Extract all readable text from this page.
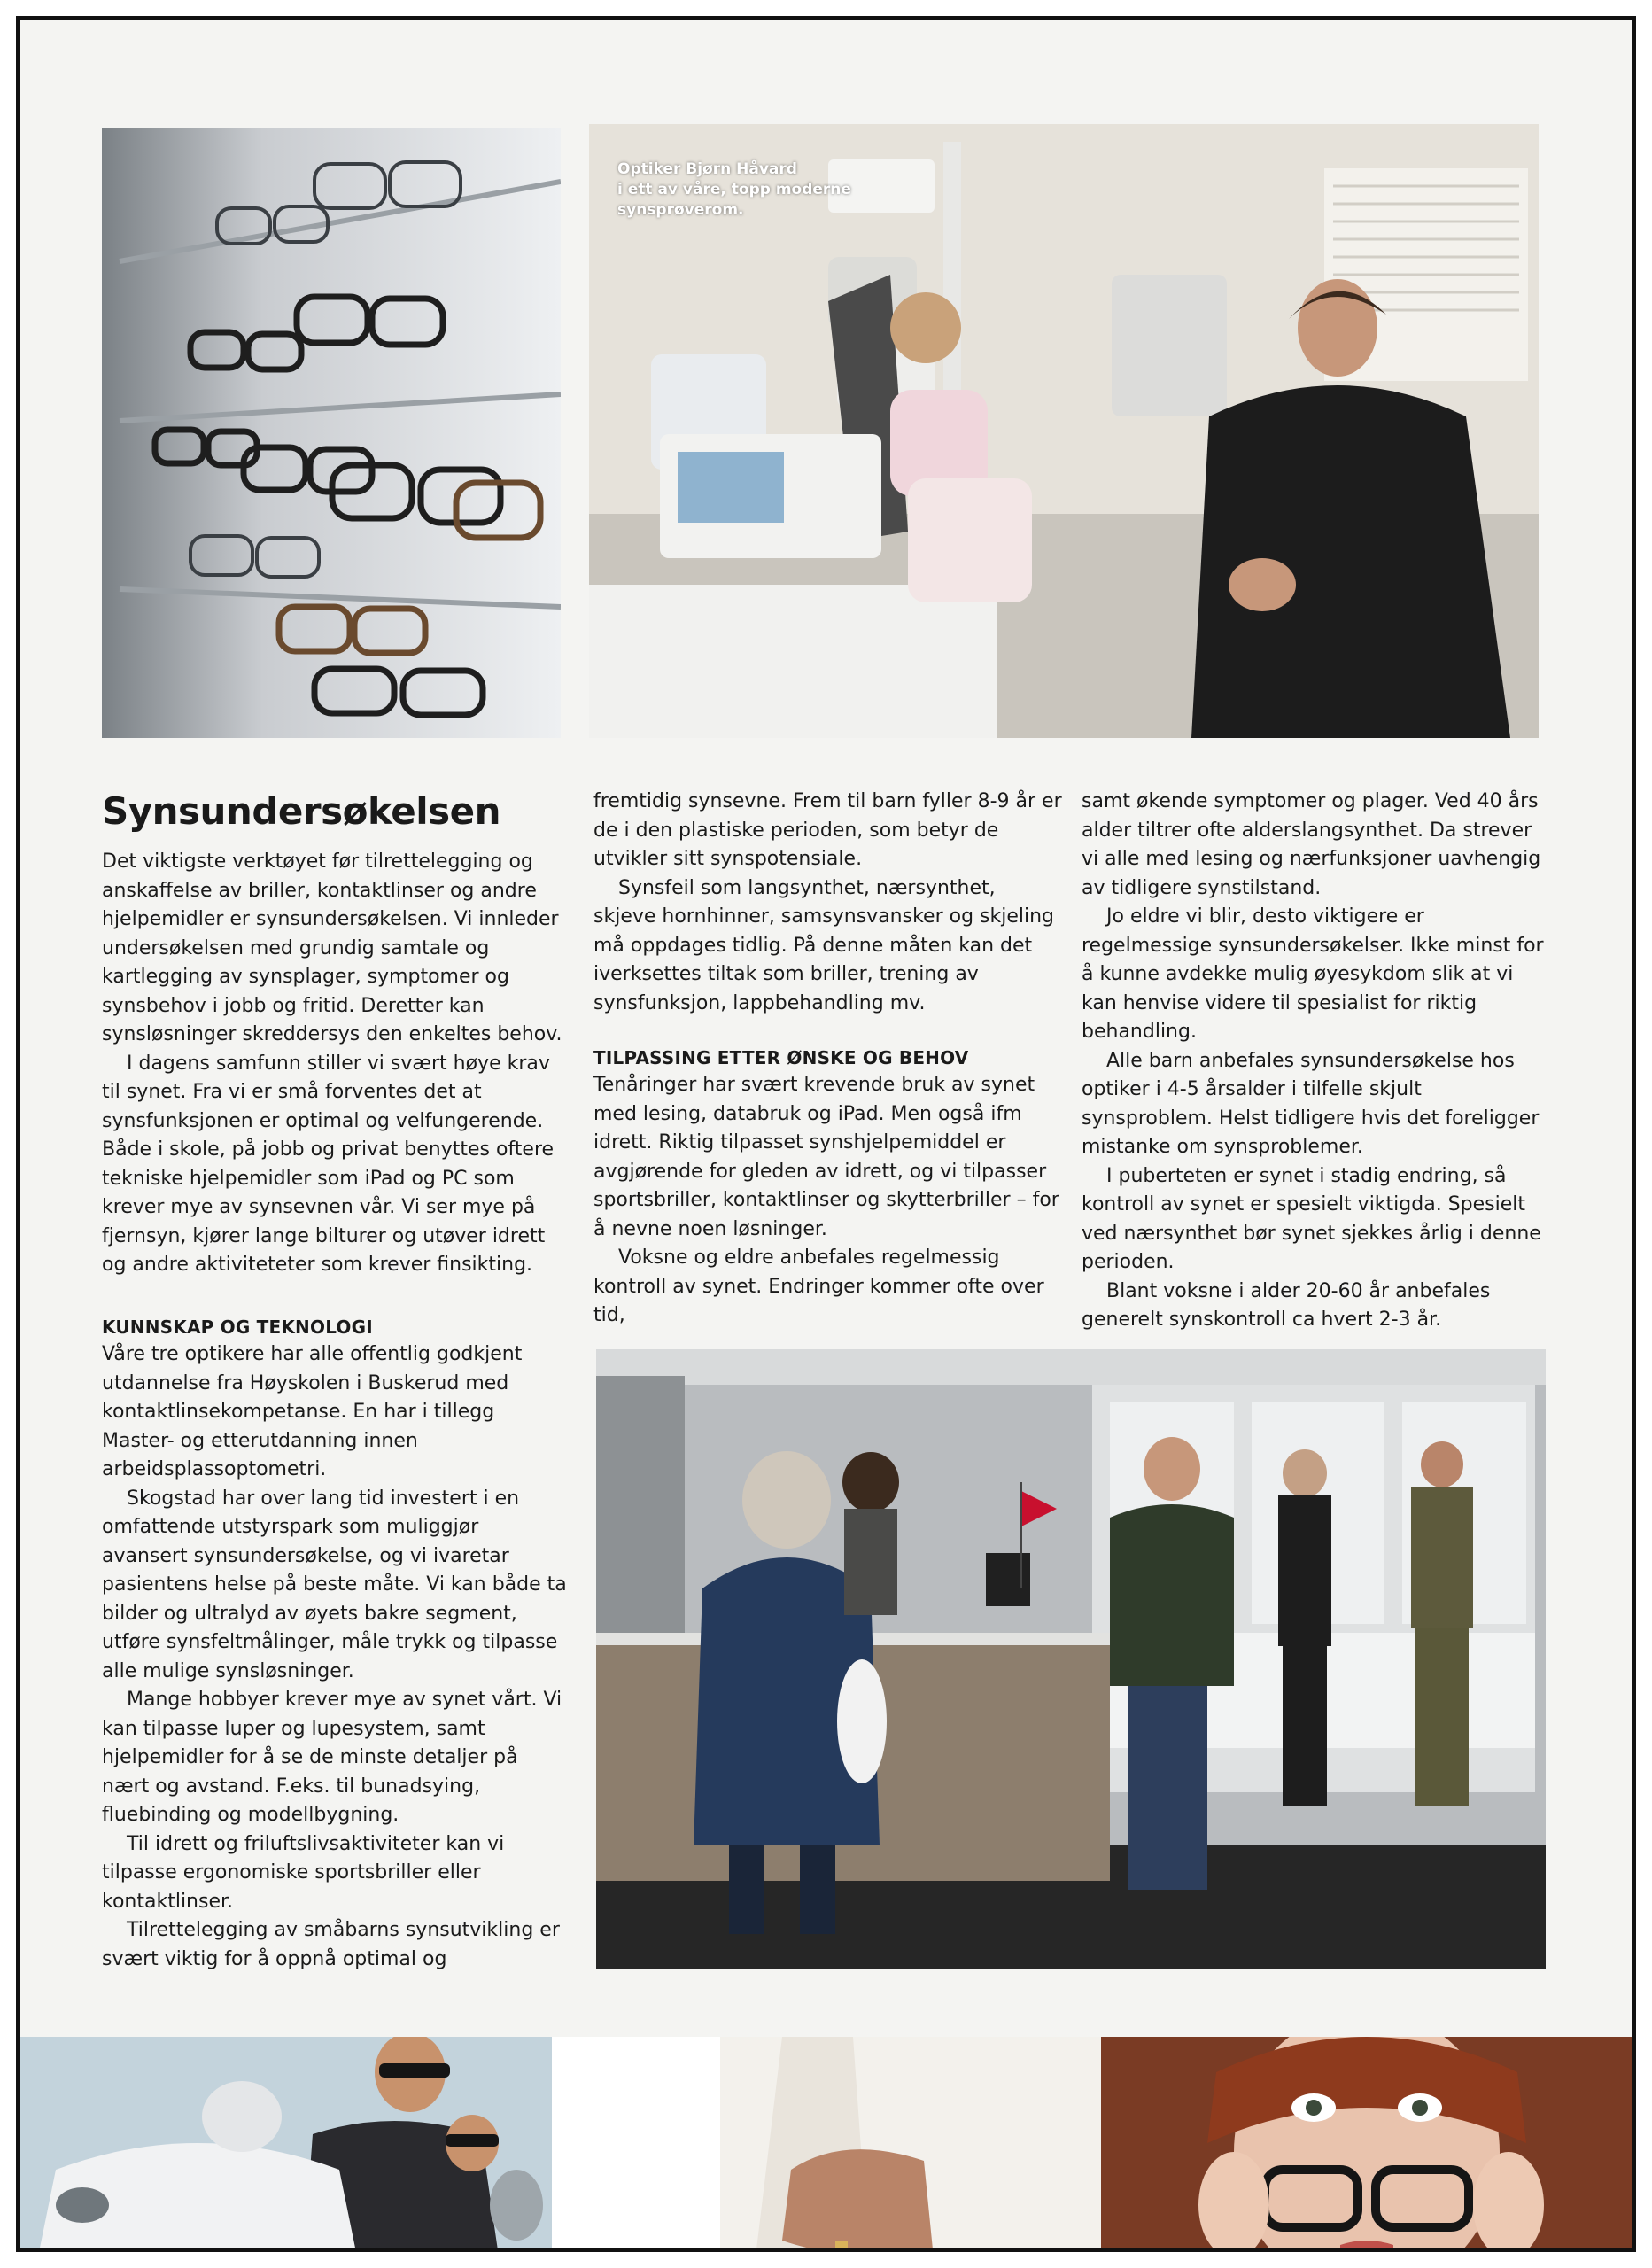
Optiker Bjørn Håvard
i ett av våre, topp moderne
synsprøverom.
Synsundersøkelsen

Det viktigste verktøyet før tilrettelegging og anskaffelse av briller, kontaktlinser og andre hjelpemidler er synsundersøkelsen. Vi innleder undersøkelsen med grundig samtale og kartlegging av synsplager, symptomer og synsbehov i jobb og fritid. Deretter kan synsløsninger skreddersys den enkeltes behov.

I dagens samfunn stiller vi svært høye krav til synet. Fra vi er små forventes det at synsfunksjonen er optimal og velfungerende. Både i skole, på jobb og privat benyttes oftere tekniske hjelpemidler som iPad og PC som krever mye av synsevnen vår. Vi ser mye på fjernsyn, kjører lange bilturer og utøver idrett og andre aktiviteteter som krever finsikting.

KUNNSKAP OG TEKNOLOGI

Våre tre optikere har alle offentlig godkjent utdannelse fra Høyskolen i Buskerud med kontaktlinsekompetanse. En har i tillegg Master- og etterutdanning innen arbeidsplassoptometri.

Skogstad har over lang tid investert i en omfattende utstyrspark som muliggjør avansert synsundersøkelse, og vi ivaretar pasientens helse på beste måte. Vi kan både ta bilder og ultralyd av øyets bakre segment, utføre synsfeltmålinger, måle trykk og tilpasse alle mulige synsløsninger.

Mange hobbyer krever mye av synet vårt. Vi kan tilpasse luper og lupesystem, samt hjelpemidler for å se de minste detaljer på nært og avstand. F.eks. til bunadsying, fluebinding og modellbygning.

Til idrett og friluftslivsaktiviteter kan vi tilpasse ergonomiske sportsbriller eller kontaktlinser.

Tilrettelegging av småbarns synsutvikling er svært viktig for å oppnå optimal og

fremtidig synsevne. Frem til barn fyller 8-9 år er de i den plastiske perioden, som betyr de utvikler sitt synspotensiale.

Synsfeil som langsynthet, nærsynthet, skjeve hornhinner, samsynsvansker og skjeling må oppdages tidlig. På denne måten kan det iverksettes tiltak som briller, trening av synsfunksjon, lappbehandling mv.

TILPASSING ETTER ØNSKE OG BEHOV

Tenåringer har svært krevende bruk av synet med lesing, databruk og iPad. Men også ifm idrett. Riktig tilpasset synshjelpemiddel er avgjørende for gleden av idrett, og vi tilpasser sportsbriller, kontaktlinser og skytterbriller – for å nevne noen løsninger.

Voksne og eldre anbefales regelmessig kontroll av synet. Endringer kommer ofte over tid,

samt økende symptomer og plager. Ved 40 års alder tiltrer ofte alderslangsynthet. Da strever vi alle med lesing og nærfunksjoner uavhengig av tidligere synstilstand.

Jo eldre vi blir, desto viktigere er regelmessige synsundersøkelser. Ikke minst for å kunne avdekke mulig øyesykdom slik at vi kan henvise videre til spesialist for riktig behandling.

Alle barn anbefales synsundersøkelse hos optiker i 4-5 årsalder i tilfelle skjult synsproblem. Helst tidligere hvis det foreligger mistanke om synsproblemer.

I puberteten er synet i stadig endring, så kontroll av synet er spesielt viktigda. Spesielt ved nærsynthet bør synet sjekkes årlig i denne perioden.

Blant voksne i alder 20-60 år anbefales generelt synskontroll ca hvert 2-3 år.
